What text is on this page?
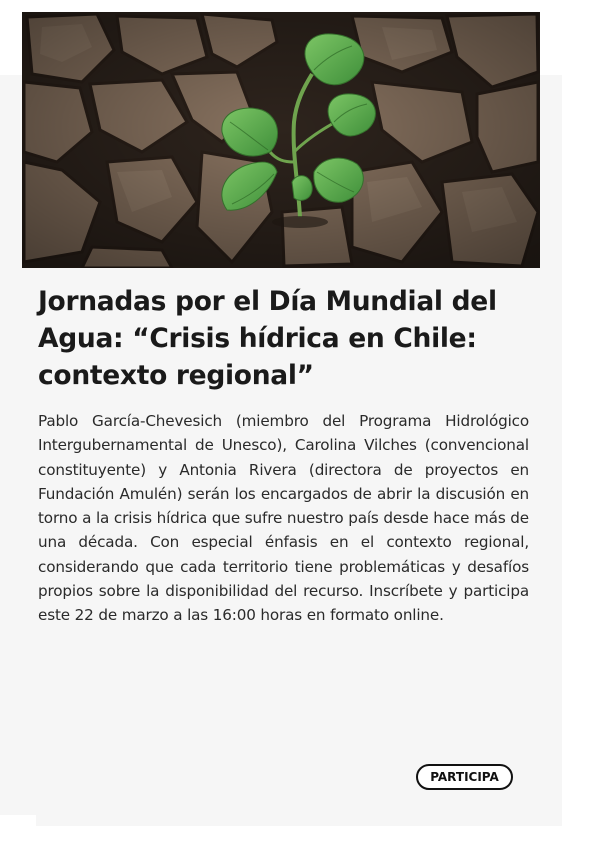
Jornadas por el Día Mundial del Agua: “Crisis hídrica en Chile: contexto regional”

Pablo García-Chevesich (miembro del Programa Hidrológico Intergubernamental de Unesco), Carolina Vilches (convencional constituyente) y Antonia Rivera (directora de proyectos en Fundación Amulén) serán los encargados de abrir la discusión en torno a la crisis hídrica que sufre nuestro país desde hace más de una década. Con especial énfasis en el contexto regional, considerando que cada territorio tiene problemáticas y desafíos propios sobre la disponibilidad del recurso. Inscríbete y participa este 22 de marzo a las 16:00 horas en formato online.

PARTICIPA
